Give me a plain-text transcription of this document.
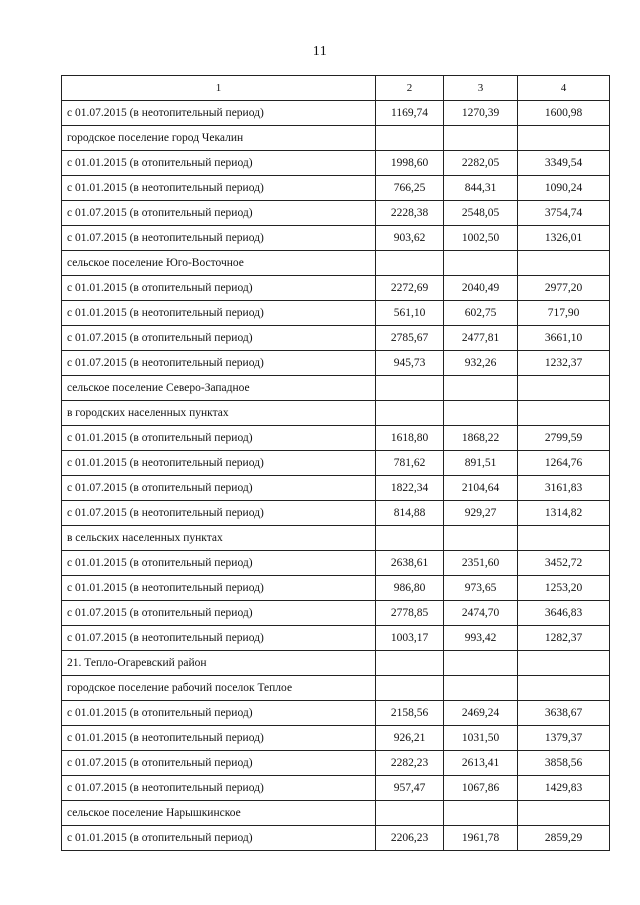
11
1	2	3	4
с 01.07.2015 (в неотопительный период)	1169,74	1270,39	1600,98
городское поселение город Чекалин			
с 01.01.2015 (в отопительный период)	1998,60	2282,05	3349,54
с 01.01.2015 (в неотопительный период)	766,25	844,31	1090,24
с 01.07.2015 (в отопительный период)	2228,38	2548,05	3754,74
с 01.07.2015 (в неотопительный период)	903,62	1002,50	1326,01
сельское поселение Юго-Восточное			
с 01.01.2015 (в отопительный период)	2272,69	2040,49	2977,20
с 01.01.2015 (в неотопительный период)	561,10	602,75	717,90
с 01.07.2015 (в отопительный период)	2785,67	2477,81	3661,10
с 01.07.2015 (в неотопительный период)	945,73	932,26	1232,37
сельское поселение Северо-Западное			
в городских населенных пунктах			
с 01.01.2015 (в отопительный период)	1618,80	1868,22	2799,59
с 01.01.2015 (в неотопительный период)	781,62	891,51	1264,76
с 01.07.2015 (в отопительный период)	1822,34	2104,64	3161,83
с 01.07.2015 (в неотопительный период)	814,88	929,27	1314,82
в сельских населенных пунктах			
с 01.01.2015 (в отопительный период)	2638,61	2351,60	3452,72
с 01.01.2015 (в неотопительный период)	986,80	973,65	1253,20
с 01.07.2015 (в отопительный период)	2778,85	2474,70	3646,83
с 01.07.2015 (в неотопительный период)	1003,17	993,42	1282,37
21. Тепло-Огаревский район			
городское поселение рабочий поселок Теплое			
с 01.01.2015 (в отопительный период)	2158,56	2469,24	3638,67
с 01.01.2015 (в неотопительный период)	926,21	1031,50	1379,37
с 01.07.2015 (в отопительный период)	2282,23	2613,41	3858,56
с 01.07.2015 (в неотопительный период)	957,47	1067,86	1429,83
сельское поселение Нарышкинское			
с 01.01.2015 (в отопительный период)	2206,23	1961,78	2859,29
